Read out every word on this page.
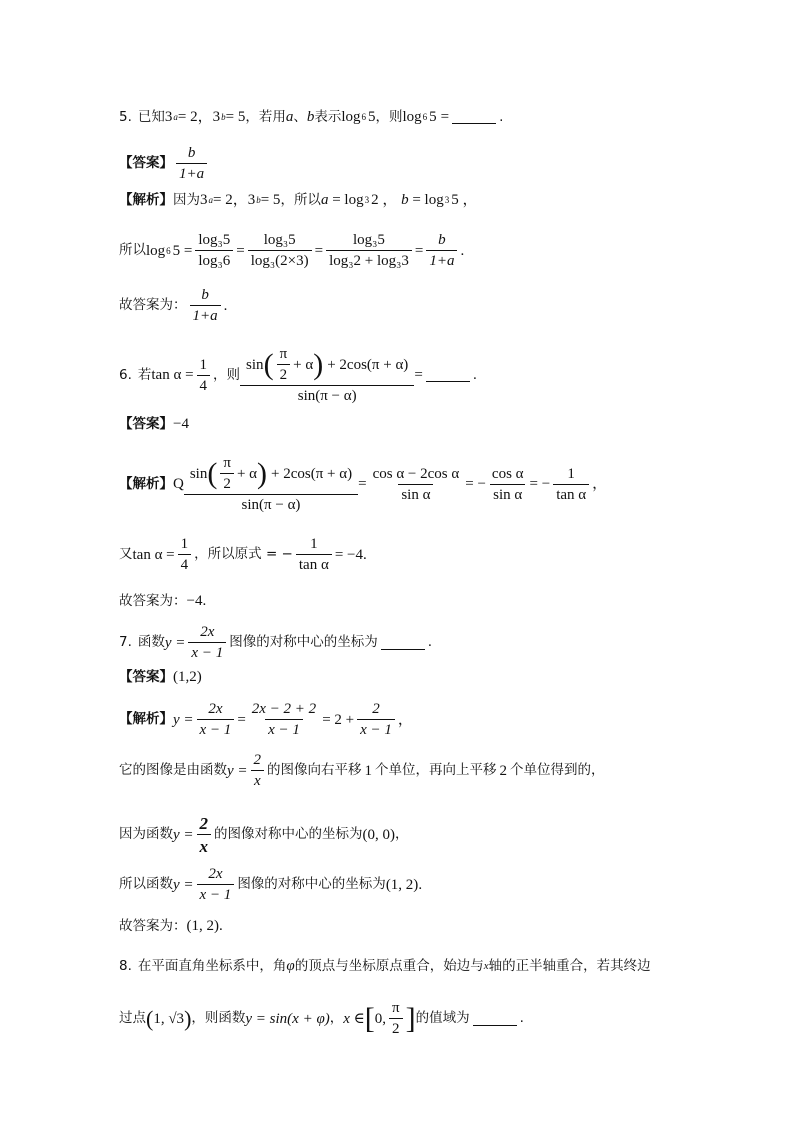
5. 已知 3 a = 2， 3 b = 5 ，若用 a 、 b 表示 log 6 5 ，则 log 6 5 =	.
【答案】 $\frac{b}{1+a}$
【解析】 因为 3 a = 2， 3 b = 5 ， 所以 a = log 3 2 ， b = log 3 5 ，
所以 log 6 $5 = \frac{\text{log₃5}}{\text{log₃6}} = \frac{\text{log₃5}}{\text{log₃(2×3)}} = \frac{\text{log₃5}}{\text{log₃2 + log₃3}} = \frac{b}{1+a}$ .
故答案为： $\frac{b}{1+a}$ .
6. 若 $\tan \alpha = \frac{1}{4}$ ，则 $\frac{\sin ( \frac{\pi}{2} + \alpha ) + 2\cos(\pi + \alpha)}{\sin(\pi - \alpha)}$ =	.
【答案】 −4
【解析】 Q $\frac{\sin ( \frac{\pi}{2} + \alpha ) + 2\cos(\pi + \alpha)}{\sin(\pi - \alpha)} = \frac{\text{cos α − 2cos α}}{\text{sin α}}$ = − $\frac{\text{cos α}}{\text{sin α}}$ = − $\frac{1}{\text{tan α}}$ ，
又 $\tan \alpha = \frac{1}{4}$ ，所以原式 = − $\frac{1}{\text{tan α}} = -4$ .
故答案为： −4.
7. 函数 $y = \frac{2x}{x - 1}$ 图像的对称中心的坐标为	.
【答案】 (1,2)
【解析】 $y = \frac{2x}{x - 1} = \frac{2x - 2 + 2}{x - 1} = 2 + \frac{2}{x - 1}$ ，
它的图像是由函数 $y = \frac{2}{x}$ 的图像向右平移 1 个单位，再向上平移 2 个单位得到的，
因为函数 $y = \frac{2}{x}$ 的图像对称中心的坐标为 (0, 0) ，
所以函数 $y = \frac{2x}{x - 1}$ 图像的对称中心的坐标为 (1, 2) .
故答案为： (1, 2) .
8. 在平面直角坐标系中，角 φ 的顶点与坐标原点重合，始边与 x 轴的正半轴重合，若其终边
过点 ( 1, √3 ) ，则函数 y = sin(x + φ) ， x ∈ [ 0, $\frac{\pi}{2}$ ] 的值域为	.
